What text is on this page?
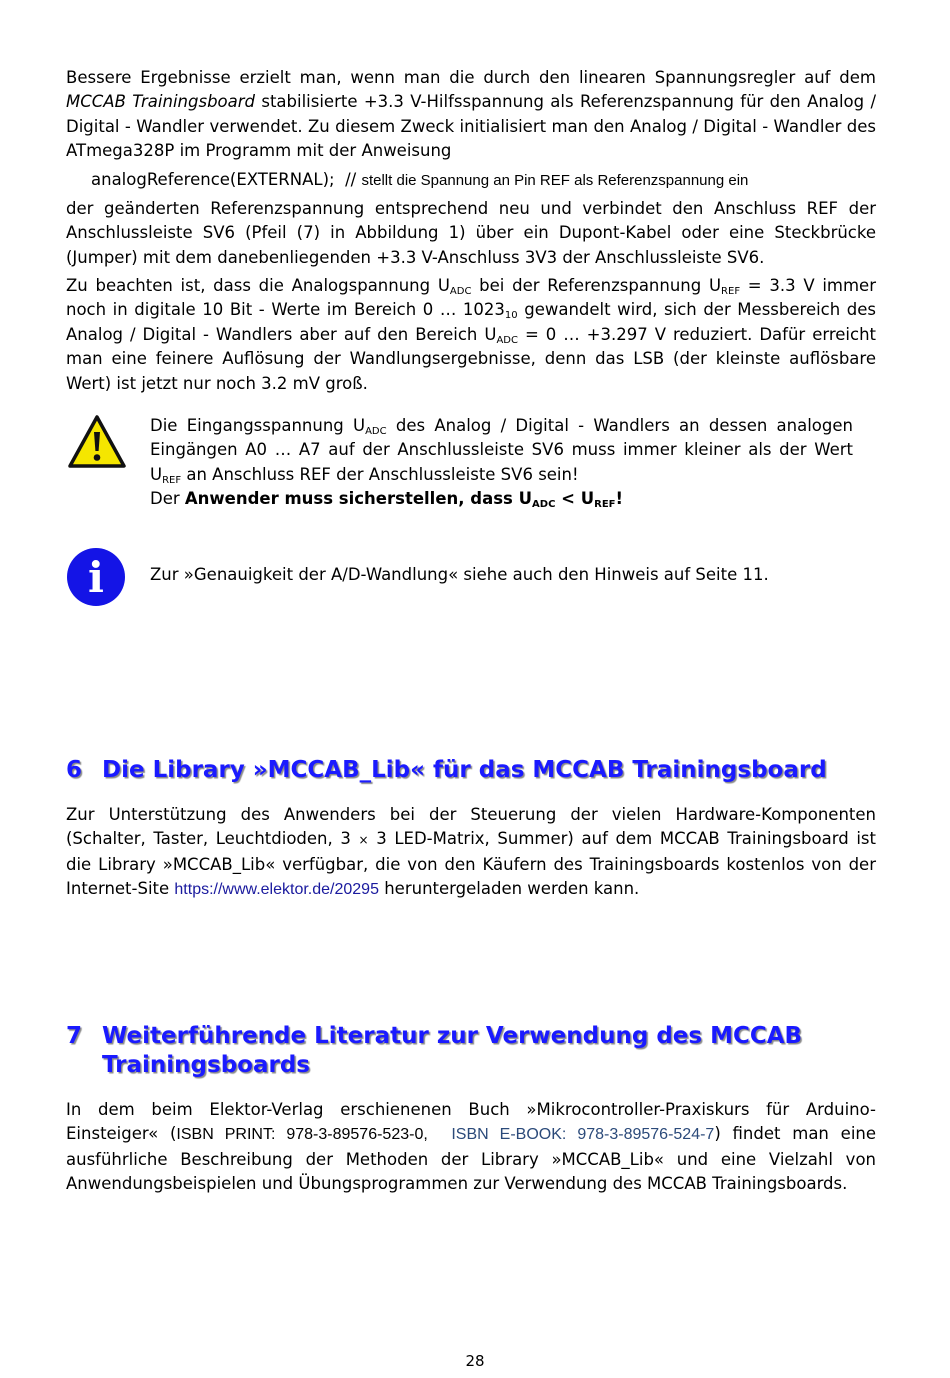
Bessere Ergebnisse erzielt man, wenn man die durch den linearen Spannungsregler auf dem MCCAB Trainingsboard stabilisierte +3.3 V-Hilfsspannung als Referenzspannung für den Analog / Digital - Wandler verwendet. Zu diesem Zweck initialisiert man den Analog / Digital - Wandler des ATmega328P im Programm mit der Anweisung

analogReference(EXTERNAL); // stellt die Spannung an Pin REF als Referenzspannung ein

der geänderten Referenzspannung entsprechend neu und verbindet den Anschluss REF der Anschlussleiste SV6 (Pfeil (7) in Abbildung 1) über ein Dupont-Kabel oder eine Steckbrücke (Jumper) mit dem danebenliegenden +3.3 V-Anschluss 3V3 der Anschlussleiste SV6.

Zu beachten ist, dass die Analogspannung $U_{ADC}$ bei der Referenzspannung $U_{REF} = 3.3$ V immer noch in digitale 10 Bit - Werte im Bereich 0 … $1023_{10}$ gewandelt wird, sich der Messbereich des Analog / Digital - Wandlers aber auf den Bereich $U_{ADC} = 0$ … +3.297 V reduziert. Dafür erreicht man eine feinere Auflösung der Wandlungsergebnisse, denn das LSB (der kleinste auflösbare Wert) ist jetzt nur noch 3.2 mV groß.

Die Eingangsspannung $U_{ADC}$ des Analog / Digital - Wandlers an dessen analogen Eingängen A0 … A7 auf der Anschlussleiste SV6 muss immer kleiner als der Wert $U_{REF}$ an Anschluss REF der Anschlussleiste SV6 sein!
Der Anwender muss sicherstellen, dass $U_{ADC} < U_{REF}$!

i	Zur »Genauigkeit der A/D-Wandlung« siehe auch den Hinweis auf Seite 11.

6 Die Library »MCCAB_Lib« für das MCCAB Trainingsboard

Zur Unterstützung des Anwenders bei der Steuerung der vielen Hardware-Komponenten (Schalter, Taster, Leuchtdioden, 3 × 3 LED-Matrix, Summer) auf dem MCCAB Trainingsboard ist die Library »MCCAB_Lib« verfügbar, die von den Käufern des Trainingsboards kostenlos von der Internet-Site https://www.elektor.de/20295 heruntergeladen werden kann.

7 Weiterführende Literatur zur Verwendung des MCCAB
Trainingsboards

In dem beim Elektor-Verlag erschienenen Buch »Mikrocontroller-Praxiskurs für Arduino-Einsteiger« (ISBN PRINT: 978-3-89576-523-0, ISBN E-BOOK: 978-3-89576-524-7) findet man eine ausführliche Beschreibung der Methoden der Library »MCCAB_Lib« und eine Vielzahl von Anwendungsbeispielen und Übungsprogrammen zur Verwendung des MCCAB Trainingsboards.

28
